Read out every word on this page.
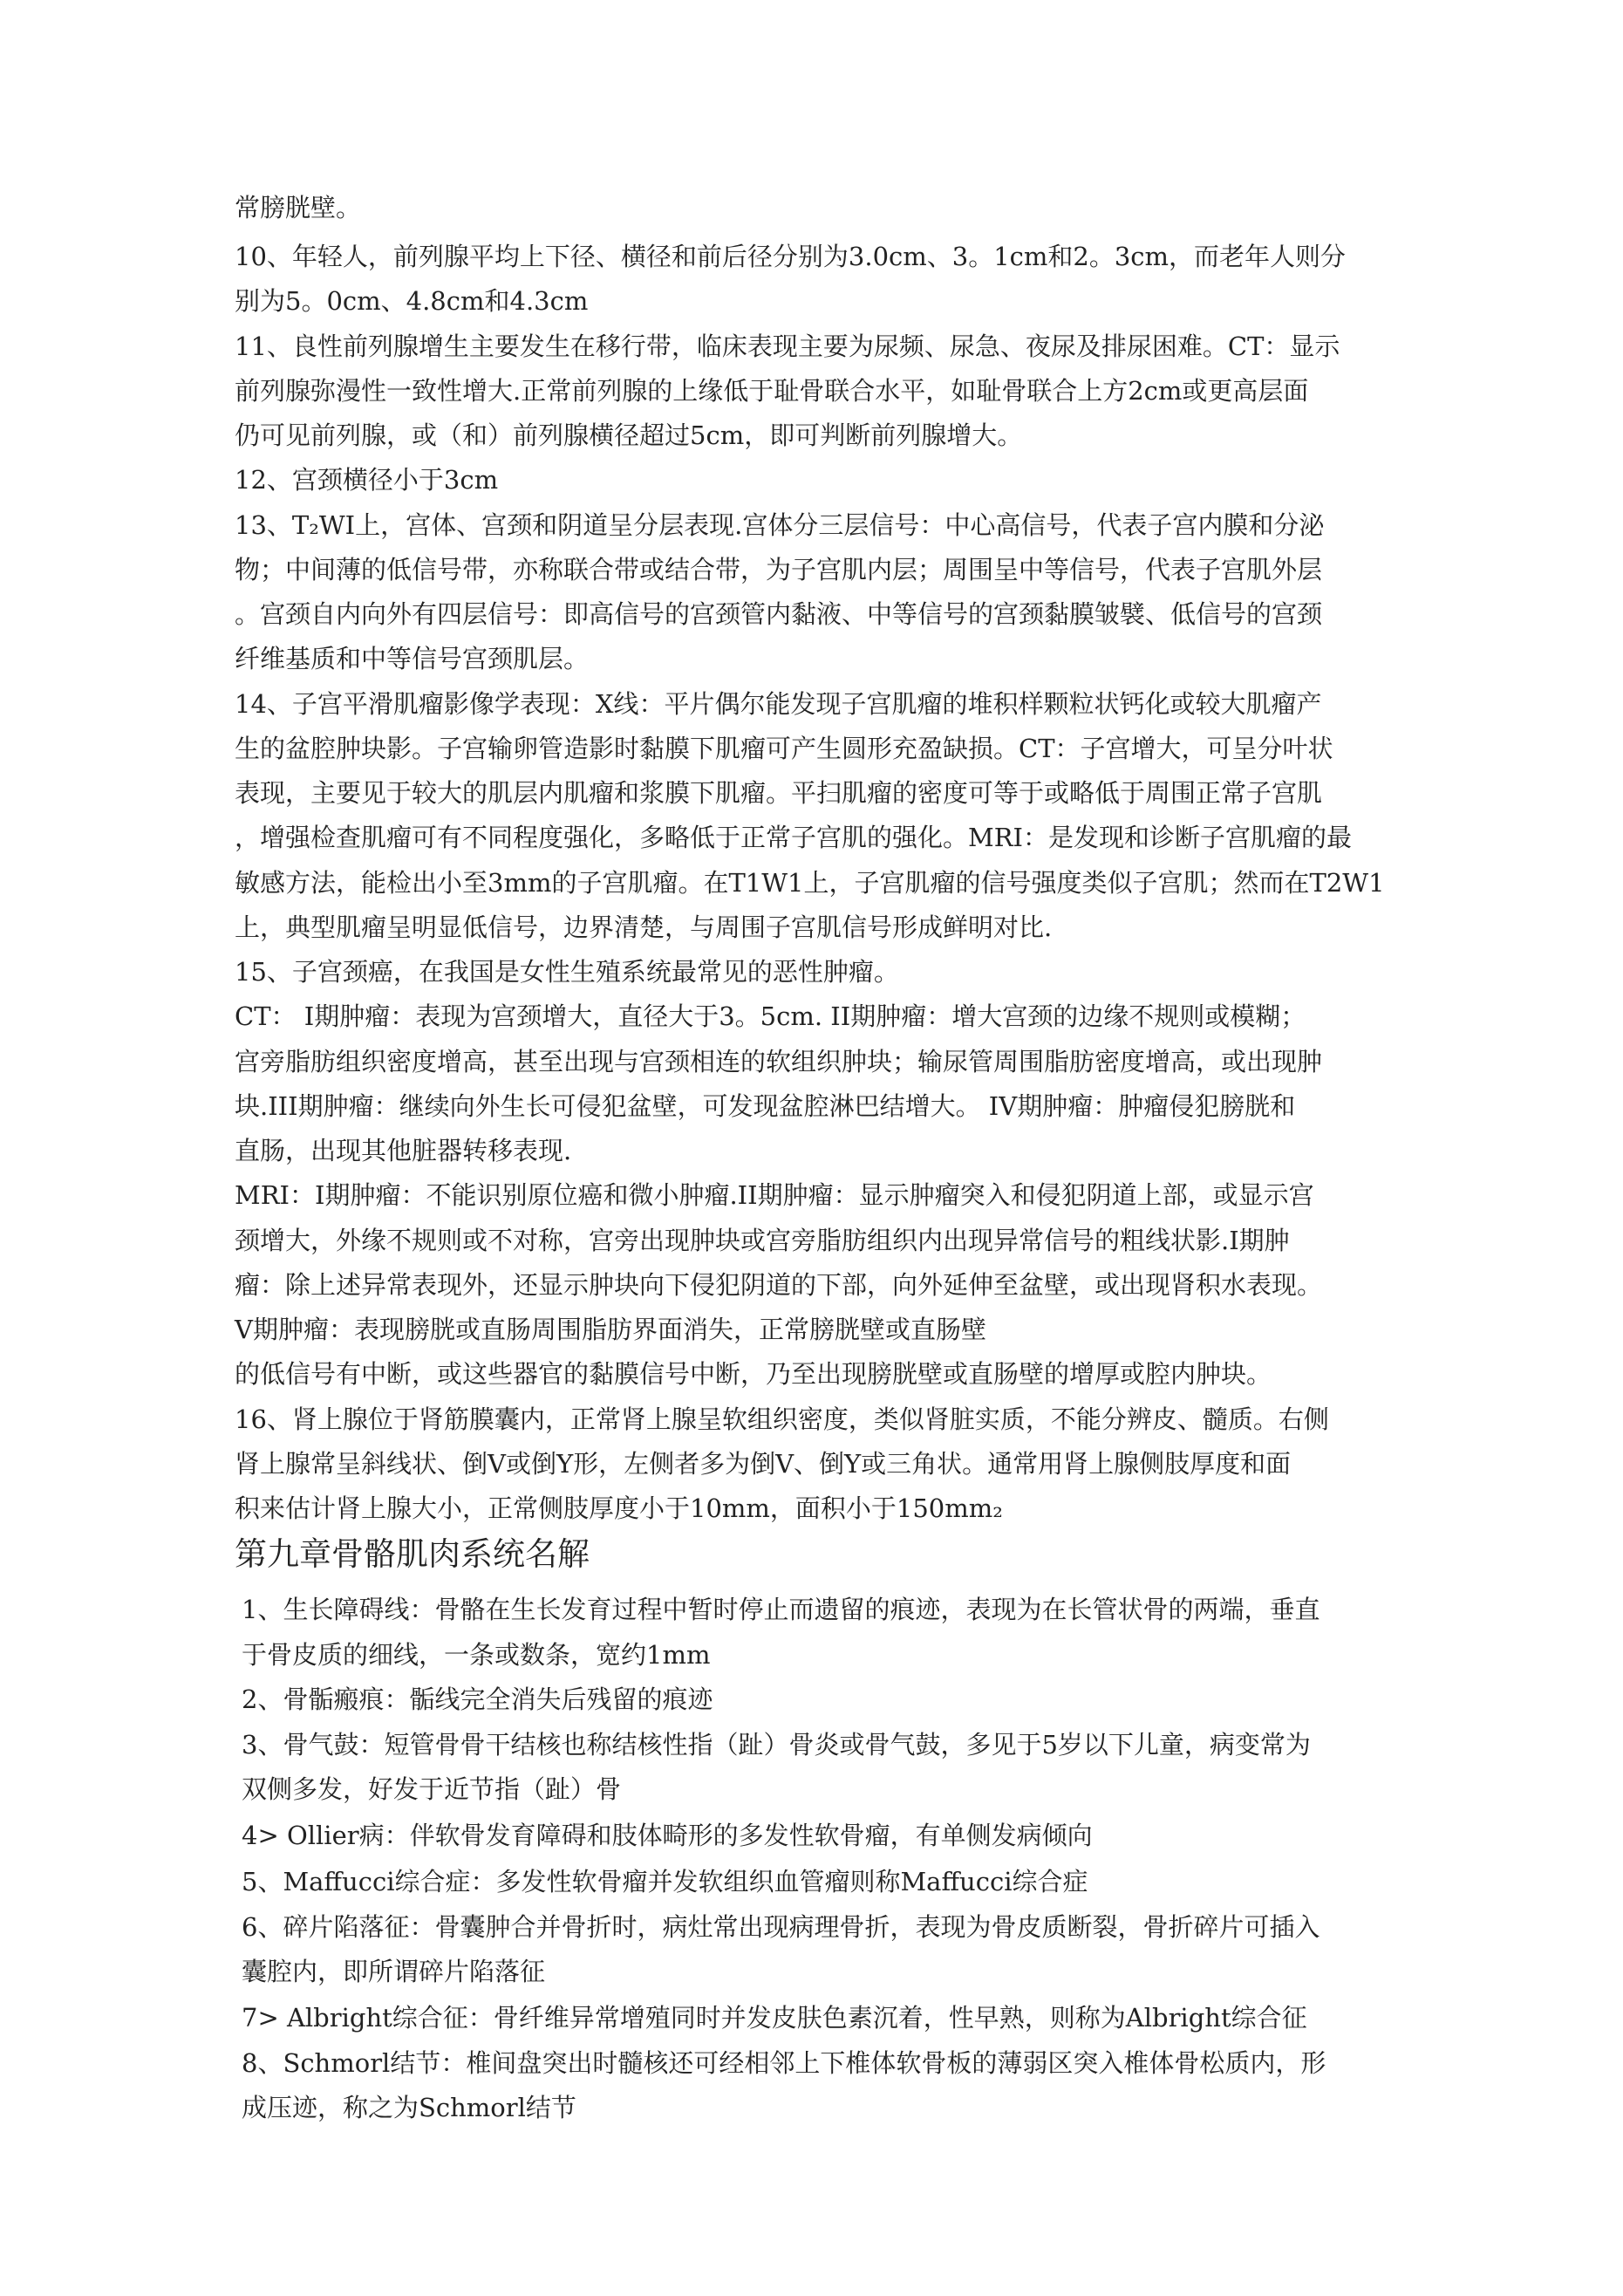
常膀胱壁。
10、年轻人，前列腺平均上下径、横径和前后径分别为3.0cm、3。1cm和2。3cm，而老年人则分
别为5。0cm、4.8cm和4.3cm
11、良性前列腺增生主要发生在移行带，临床表现主要为尿频、尿急、夜尿及排尿困难。CT：显示
前列腺弥漫性一致性增大.正常前列腺的上缘低于耻骨联合水平，如耻骨联合上方2cm或更高层面
仍可见前列腺，或（和）前列腺横径超过5cm，即可判断前列腺增大。
12、宫颈横径小于3cm
13、T₂WI上，宫体、宫颈和阴道呈分层表现.宫体分三层信号：中心高信号，代表子宫内膜和分泌
物；中间薄的低信号带，亦称联合带或结合带，为子宫肌内层；周围呈中等信号，代表子宫肌外层
。宫颈自内向外有四层信号：即高信号的宫颈管内黏液、中等信号的宫颈黏膜皱襞、低信号的宫颈
纤维基质和中等信号宫颈肌层。
14、子宫平滑肌瘤影像学表现：X线：平片偶尔能发现子宫肌瘤的堆积样颗粒状钙化或较大肌瘤产
生的盆腔肿块影。子宫输卵管造影时黏膜下肌瘤可产生圆形充盈缺损。CT：子宫增大，可呈分叶状
表现，主要见于较大的肌层内肌瘤和浆膜下肌瘤。平扫肌瘤的密度可等于或略低于周围正常子宫肌
，增强检查肌瘤可有不同程度强化，多略低于正常子宫肌的强化。MRI：是发现和诊断子宫肌瘤的最
敏感方法，能检出小至3mm的子宫肌瘤。在T1W1上，子宫肌瘤的信号强度类似子宫肌；然而在T2W1
上，典型肌瘤呈明显低信号，边界清楚，与周围子宫肌信号形成鲜明对比.
15、子宫颈癌，在我国是女性生殖系统最常见的恶性肿瘤。
CT： I期肿瘤：表现为宫颈增大，直径大于3。5cm. II期肿瘤：增大宫颈的边缘不规则或模糊；
宫旁脂肪组织密度增高，甚至出现与宫颈相连的软组织肿块；输尿管周围脂肪密度增高，或出现肿
块.III期肿瘤：继续向外生长可侵犯盆壁，可发现盆腔淋巴结增大。 IV期肿瘤：肿瘤侵犯膀胱和
直肠，出现其他脏器转移表现.
MRI：I期肿瘤：不能识别原位癌和微小肿瘤.II期肿瘤：显示肿瘤突入和侵犯阴道上部，或显示宫
颈增大，外缘不规则或不对称，宫旁出现肿块或宫旁脂肪组织内出现异常信号的粗线状影.I期肿
瘤：除上述异常表现外，还显示肿块向下侵犯阴道的下部，向外延伸至盆壁，或出现肾积水表现。
V期肿瘤：表现膀胱或直肠周围脂肪界面消失，正常膀胱壁或直肠壁
的低信号有中断，或这些器官的黏膜信号中断，乃至出现膀胱壁或直肠壁的增厚或腔内肿块。
16、肾上腺位于肾筋膜囊内，正常肾上腺呈软组织密度，类似肾脏实质，不能分辨皮、髓质。右侧
肾上腺常呈斜线状、倒V或倒Y形，左侧者多为倒V、倒Y或三角状。通常用肾上腺侧肢厚度和面
积来估计肾上腺大小，正常侧肢厚度小于10mm，面积小于150mm₂
第九章骨骼肌肉系统名解
1、生长障碍线：骨骼在生长发育过程中暂时停止而遗留的痕迹，表现为在长管状骨的两端，垂直
于骨皮质的细线，一条或数条，宽约1mm
2、骨骺瘢痕：骺线完全消失后残留的痕迹
3、骨气鼓：短管骨骨干结核也称结核性指（趾）骨炎或骨气鼓，多见于5岁以下儿童，病变常为
双侧多发，好发于近节指（趾）骨
4> Ollier病：伴软骨发育障碍和肢体畸形的多发性软骨瘤，有单侧发病倾向
5、Maffucci综合症：多发性软骨瘤并发软组织血管瘤则称Maffucci综合症
6、碎片陷落征：骨囊肿合并骨折时，病灶常出现病理骨折，表现为骨皮质断裂，骨折碎片可插入
囊腔内，即所谓碎片陷落征
7> Albright综合征：骨纤维异常增殖同时并发皮肤色素沉着，性早熟，则称为Albright综合征
8、Schmorl结节：椎间盘突出时髓核还可经相邻上下椎体软骨板的薄弱区突入椎体骨松质内，形
成压迹，称之为Schmorl结节
